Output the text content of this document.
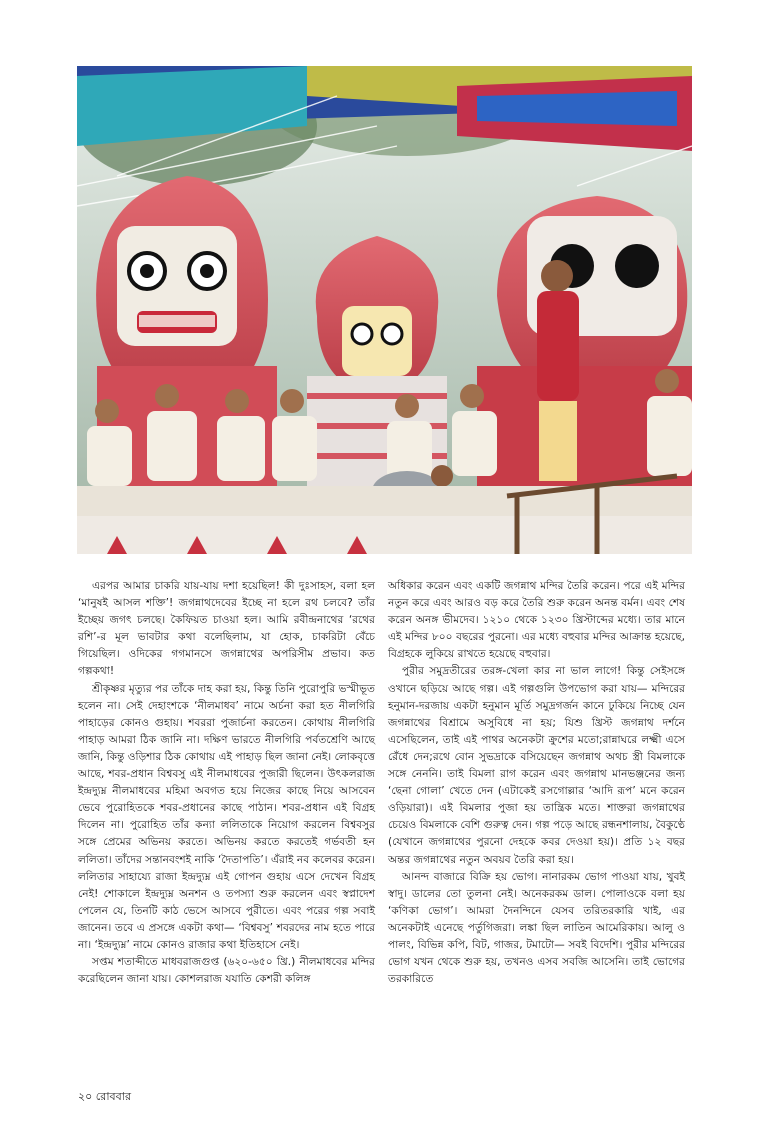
এরপর আমার চাকরি যায়-যায় দশা হয়েছিল! কী দুঃসাহস, বলা হল ‘মানুষই আসল শক্তি’! জগন্নাথদেবের ইচ্ছে না হলে রথ চলবে? তাঁর ইচ্ছেয় জগৎ চলছে। কৈফিয়ত চাওয়া হল। আমি রবীন্দ্রনাথের ‘রথের রশি’-র মূল ভাবটার কথা বলেছিলাম, যা হোক, চাকরিটা বেঁচে গিয়েছিল। ওদিকের গগমানসে জগন্নাথের অপরিসীম প্রভাব। কত গল্পকথা!

শ্রীকৃষ্ণর মৃত্যুর পর তাঁকে দাহ করা হয়, কিন্তু তিনি পুরোপুরি ভস্মীভূত হলেন না। সেই দেহাংশকে ‘নীলমাধব’ নামে অর্চনা করা হত নীলগিরি পাহাড়ের কোনও গুহায়। শবররা পুজার্চনা করতেন। কোথায় নীলগিরি পাহাড় আমরা ঠিক জানি না। দক্ষিণ ভারতে নীলগিরি পর্বতশ্রেণি আছে জানি, কিন্তু ওড়িশার ঠিক কোথায় এই পাহাড় ছিল জানা নেই। লোকবৃত্তে আছে, শবর-প্রধান বিশ্ববসু এই নীলমাধবের পুজারী ছিলেন। উৎকলরাজ ইন্দ্রদ্যুম্ন নীলমাধবের মহিমা অবগত হয়ে নিজের কাছে নিয়ে আসবেন ভেবে পুরোহিতকে শবর-প্রধানের কাছে পাঠান। শবর-প্রধান এই বিগ্রহ দিলেন না। পুরোহিত তাঁর কন্যা ললিতাকে নিয়োগ করলেন বিশ্ববসুর সঙ্গে প্রেমের অভিনয় করতে। অভিনয় করতে করতেই গর্ভবতী হন ললিতা। তাঁদের সন্তানবংশই নাকি ‘দৈতাপতি’। এঁরাই নব কলেবর করেন। ললিতার সাহায্যে রাজা ইন্দ্রদ্যুম্ন এই গোপন গুহায় এসে দেখেন বিগ্রহ নেই! শোকালে ইন্দ্রদ্যুম্ন অনশন ও তপস্যা শুরু করলেন এবং স্বপ্নাদেশ পেলেন যে, তিনটি কাঠ ভেসে আসবে পুরীতে। এবং পরের গল্প সবাই জানেন। তবে এ প্রসঙ্গে একটা কথা— ‘বিশ্ববসু’ শবরদের নাম হতে পারে না। ‘ইন্দ্রদ্যুম্ন’ নামে কোনও রাজার কথা ইতিহাসে নেই।

সপ্তম শতাব্দীতে মাধবরাজগুপ্ত (৬২০-৬৫০ খ্রি.) নীলমাধবের মন্দির করেছিলেন জানা যায়। কোশলরাজ যযাতি কেশরী কলিঙ্গ

অধিকার করেন এবং একটি জগন্নাথ মন্দির তৈরি করেন। পরে এই মন্দির নতুন করে এবং আরও বড় করে তৈরি শুরু করেন অনন্ত বর্মন। এবং শেষ করেন অনঙ্গ ভীমদেব। ১২১০ থেকে ১২৩০ খ্রিস্টাব্দের মধ্যে। তার মানে এই মন্দির ৮০০ বছরের পুরনো। এর মধ্যে বহুবার মন্দির আক্রান্ত হয়েছে, বিগ্রহকে লুকিয়ে রাখতে হয়েছে বহুবার।

পুরীর সমুদ্রতীরের তরঙ্গ-খেলা কার না ভাল লাগে! কিন্তু সেইসঙ্গে ওখানে ছড়িয়ে আছে গল্প। এই গল্পগুলি উপভোগ করা যায়— মন্দিরের হনুমান-দরজায় একটা হনুমান মূর্তি সমুদ্রগর্জন কানে ঢুকিয়ে নিচ্ছে যেন জগন্নাথের বিশ্রামে অসুবিধে না হয়; যিশু খ্রিস্ট জগন্নাথ দর্শনে এসেছিলেন, তাই এই পাথর অনেকটা ক্রুশের মতো;রান্নাঘরে লক্ষ্মী এসে রেঁধে দেন;রথে বোন সুভদ্রাকে বসিয়েছেন জগন্নাথ অথচ স্ত্রী বিমলাকে সঙ্গে নেননি। তাই বিমলা রাগ করেন এবং জগন্নাথ মানভঞ্জনের জন্য ‘ছেনা গোলা’ খেতে দেন (এটাকেই রসগোল্লার ‘আদি রূপ’ মনে করেন ওড়িয়ারা)। এই বিমলার পুজা হয় তান্ত্রিক মতে। শাক্তরা জগন্নাথের চেয়েও বিমলাকে বেশি গুরুত্ব দেন। গল্প পড়ে আছে রন্ধনশালায়, বৈকুণ্ঠে (যেখানে জগন্নাথের পুরনো দেহকে কবর দেওয়া হয়)। প্রতি ১২ বছর অন্তর জগন্নাথের নতুন অবয়ব তৈরি করা হয়।

আনন্দ বাজারে বিক্রি হয় ভোগ। নানারকম ভোগ পাওয়া যায়, খুবই স্বাদু। ডালের তো তুলনা নেই। অনেকরকম ডাল। পোলাওকে বলা হয় ‘কণিকা ভোগ’। আমরা দৈনন্দিনে যেসব তরিতরকারি খাই, এর অনেকটাই এনেছে পর্তুগিজরা। লঙ্কা ছিল লাতিন আমেরিকায়। আলু ও পালং, বিভিন্ন কপি, বিট, গাজর, টমাটো— সবই বিদেশি। পুরীর মন্দিরের ভোগ যখন থেকে শুরু হয়, তখনও এসব সবজি আসেনি। তাই ভোগের তরকারিতে

২০ রোববার
